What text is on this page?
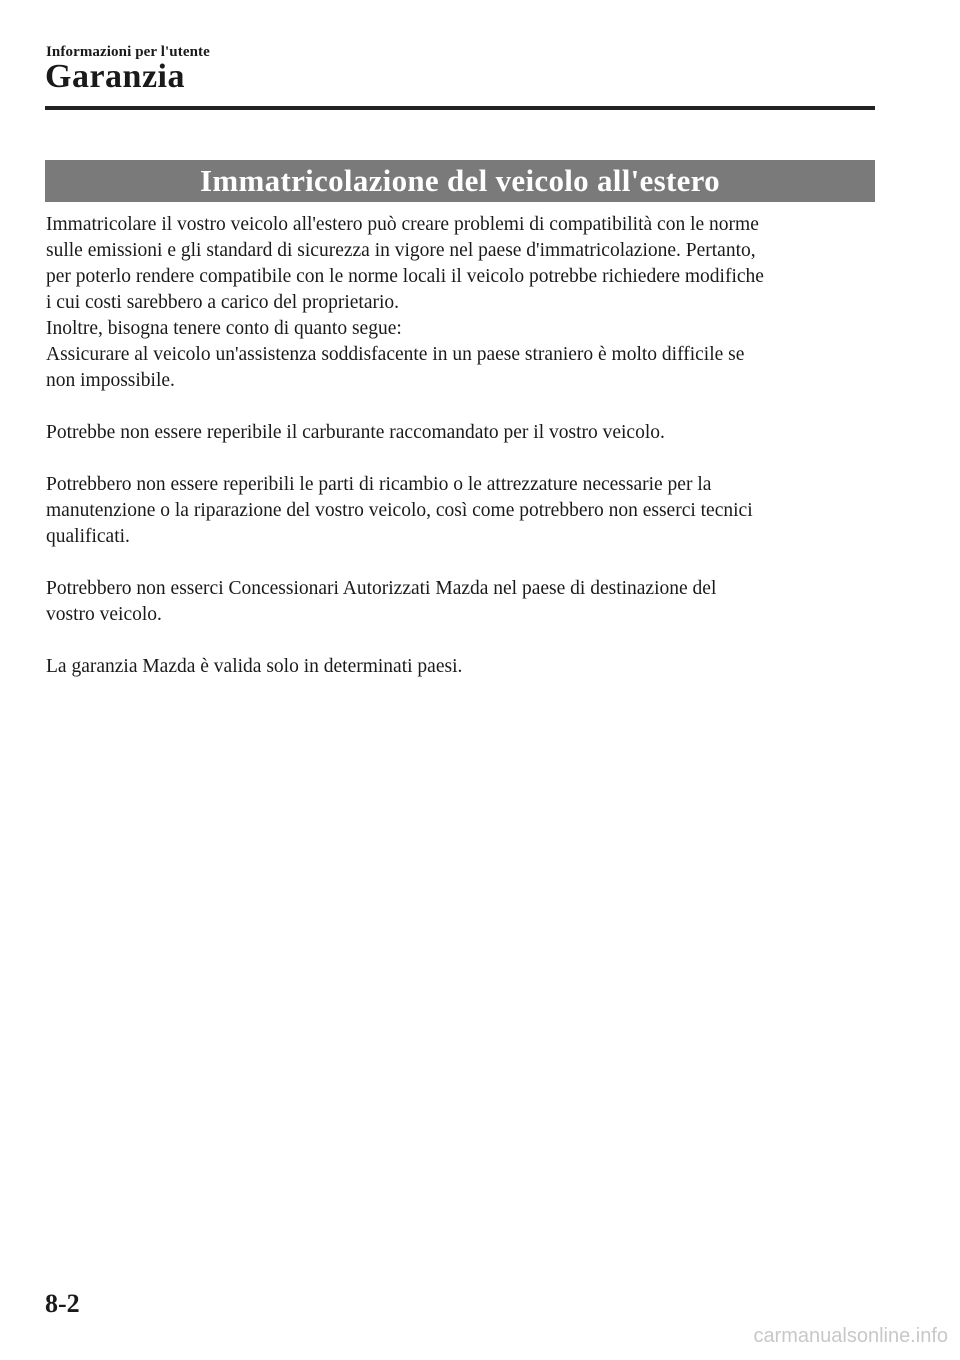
Informazioni per l'utente
Garanzia
Immatricolazione del veicolo all'estero

Immatricolare il vostro veicolo all'estero può creare problemi di compatibilità con le norme

sulle emissioni e gli standard di sicurezza in vigore nel paese d'immatricolazione. Pertanto,

per poterlo rendere compatibile con le norme locali il veicolo potrebbe richiedere modifiche

i cui costi sarebbero a carico del proprietario.

Inoltre, bisogna tenere conto di quanto segue:

Assicurare al veicolo un'assistenza soddisfacente in un paese straniero è molto difficile se

non impossibile.

Potrebbe non essere reperibile il carburante raccomandato per il vostro veicolo.

Potrebbero non essere reperibili le parti di ricambio o le attrezzature necessarie per la

manutenzione o la riparazione del vostro veicolo, così come potrebbero non esserci tecnici

qualificati.

Potrebbero non esserci Concessionari Autorizzati Mazda nel paese di destinazione del

vostro veicolo.

La garanzia Mazda è valida solo in determinati paesi.

8-2
carmanualsonline.info
